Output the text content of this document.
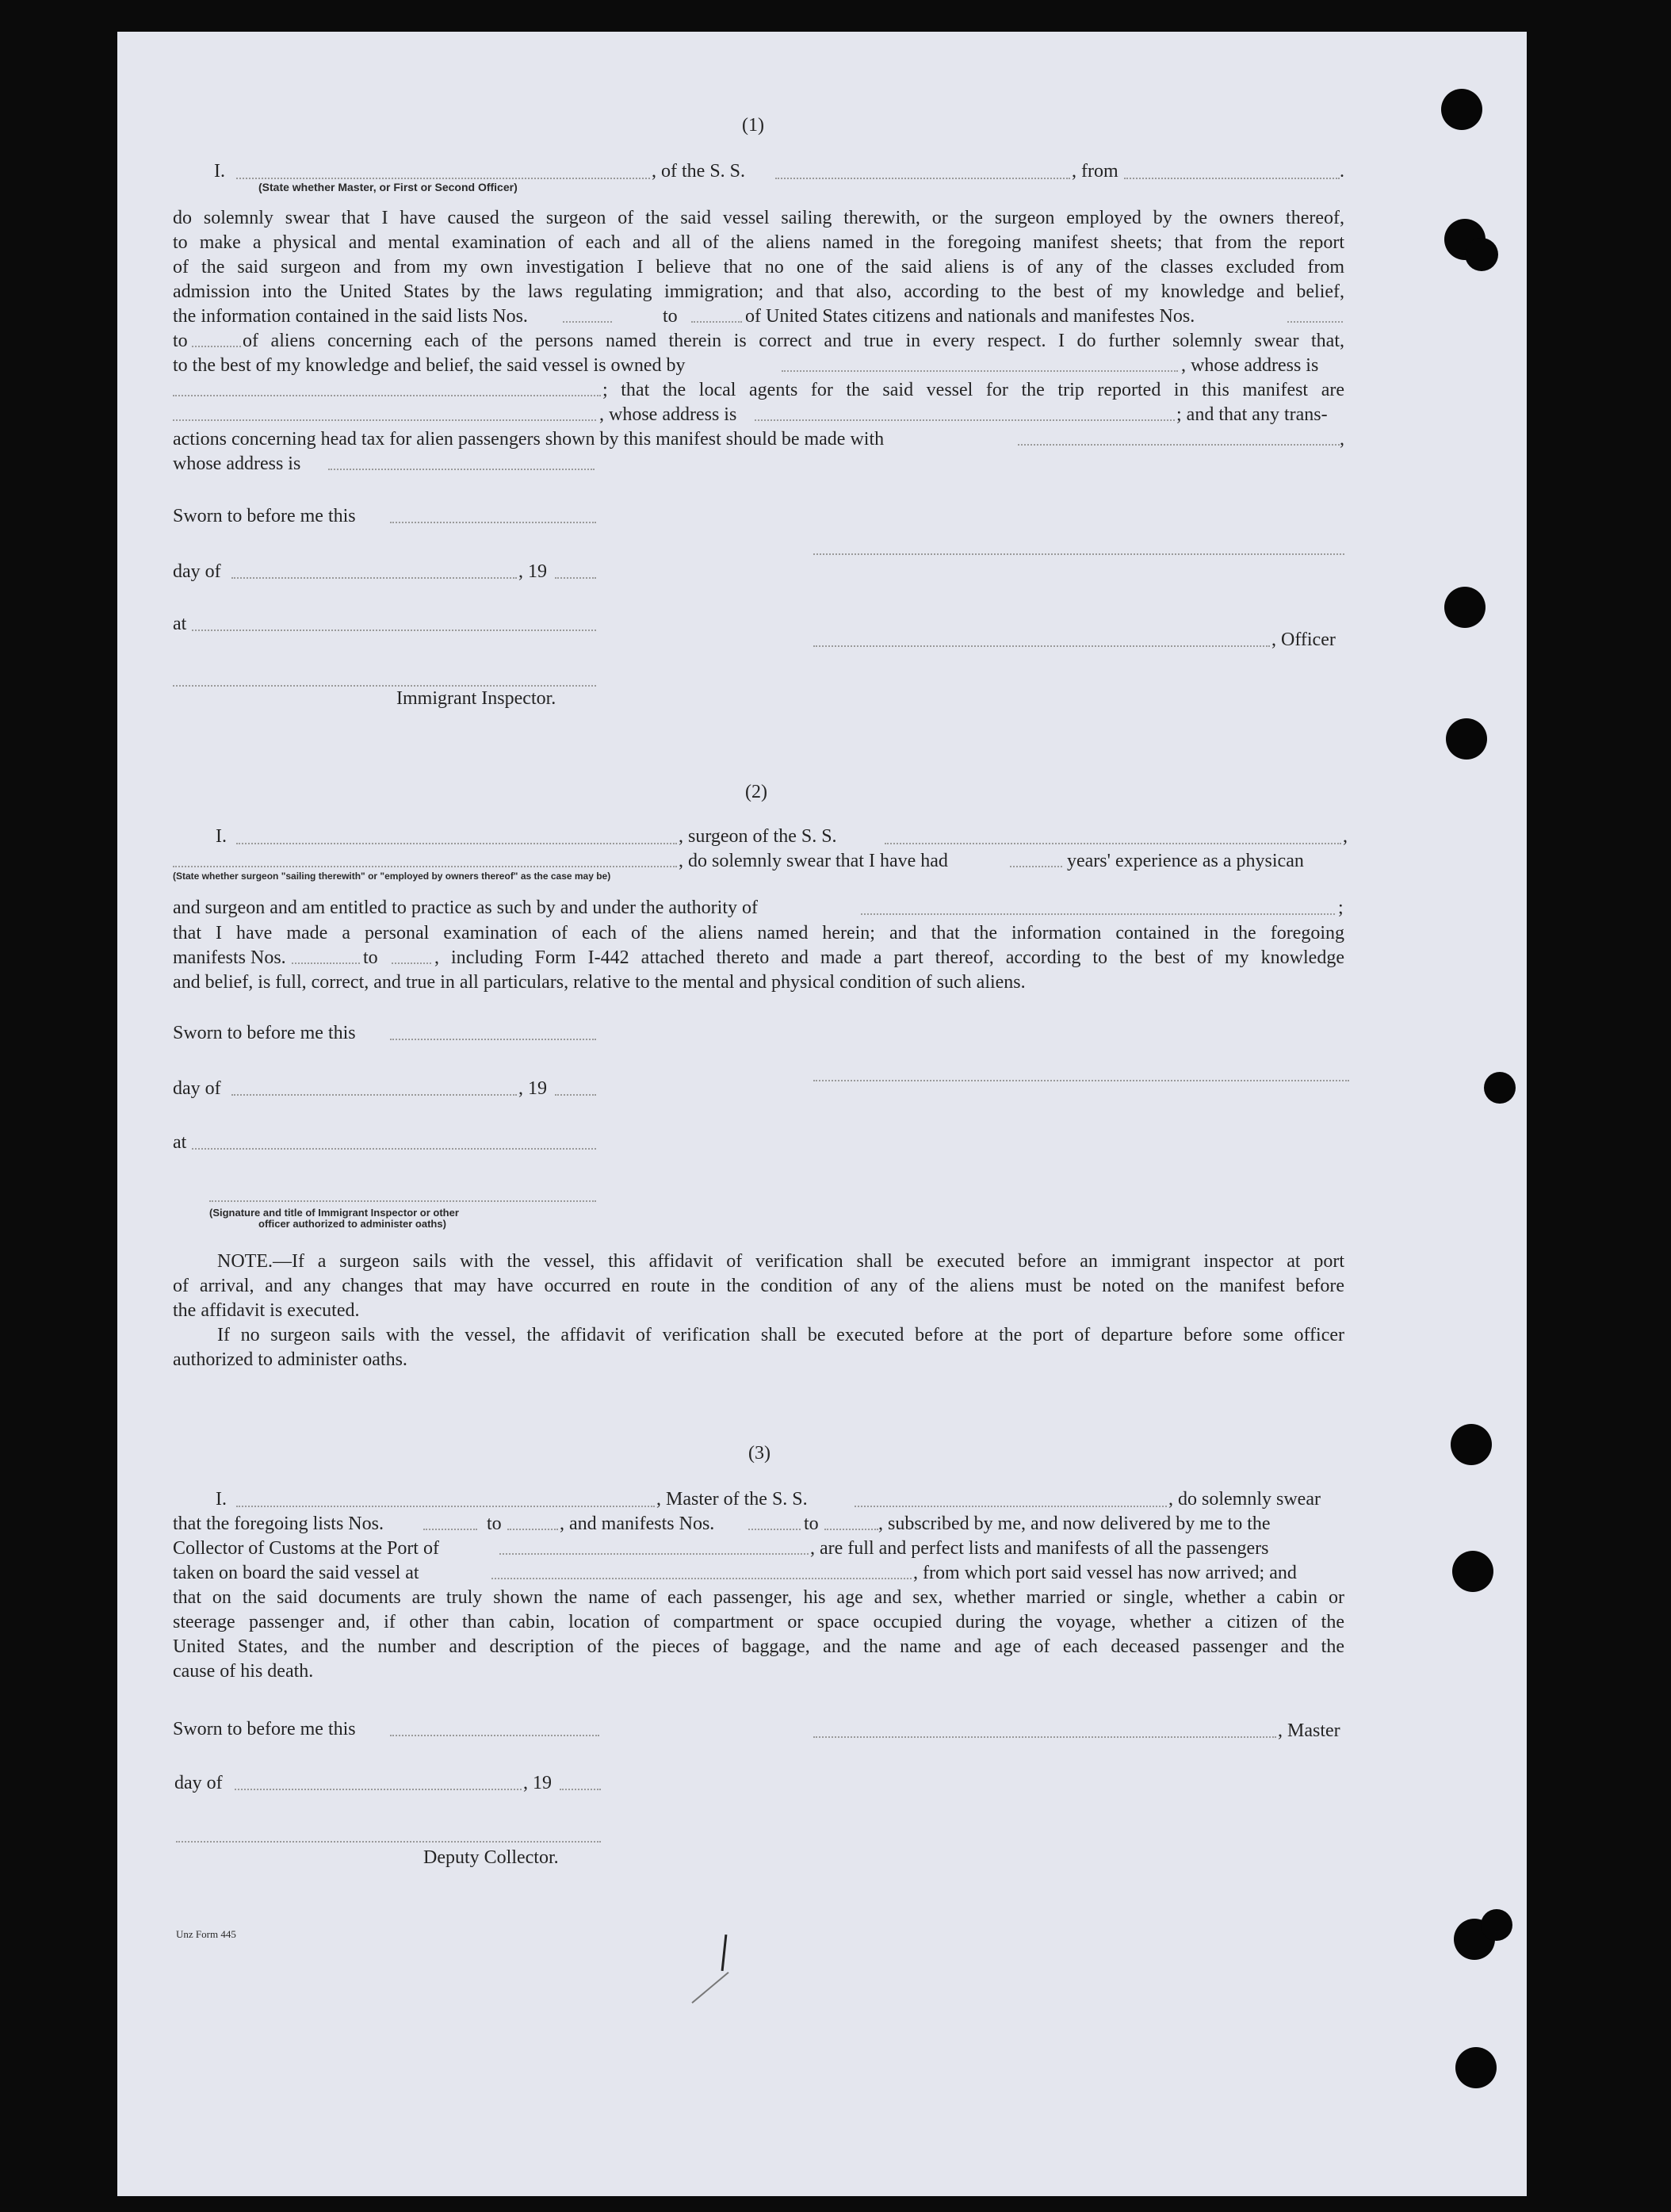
(1)
I.	, of the S. S.	, from	.
(State whether Master, or First or Second Officer)
do solemnly swear that I have caused the surgeon of the said vessel sailing therewith, or the surgeon employed by the owners thereof,
to make a physical and mental examination of each and all of the aliens named in the foregoing manifest sheets; that from the report
of the said surgeon and from my own investigation I believe that no one of the said aliens is of any of the classes excluded from
admission into the United States by the laws regulating immigration; and that also, according to the best of my knowledge and belief,
the information contained in the said lists Nos.	to	of United States citizens and nationals and manifestes Nos.
to	of aliens concerning each of the persons named therein is correct and true in every respect. I do further solemnly swear that,
to the best of my knowledge and belief, the said vessel is owned by	, whose address is
; that the local agents for the said vessel for the trip reported in this manifest are
, whose address is	; and that any trans-
actions concerning head tax for alien passengers shown by this manifest should be made with	,
whose address is
Sworn to before me this
day of	, 19
at
, Officer
Immigrant Inspector.
(2)
I.	, surgeon of the S. S.	,
, do solemnly swear that I have had	years' experience as a physican
(State whether surgeon "sailing therewith" or "employed by owners thereof" as the case may be)
and surgeon and am entitled to practice as such by and under the authority of	;
that I have made a personal examination of each of the aliens named herein; and that the information contained in the foregoing
manifests Nos.	to	, including Form I-442 attached thereto and made a part thereof, according to the best of my knowledge
and belief, is full, correct, and true in all particulars, relative to the mental and physical condition of such aliens.
Sworn to before me this
day of	, 19
at
(Signature and title of Immigrant Inspector or other
officer authorized to administer oaths)
NOTE.—If a surgeon sails with the vessel, this affidavit of verification shall be executed before an immigrant inspector at port
of arrival, and any changes that may have occurred en route in the condition of any of the aliens must be noted on the manifest before
the affidavit is executed.
If no surgeon sails with the vessel, the affidavit of verification shall be executed before at the port of departure before some officer
authorized to administer oaths.
(3)
I.	, Master of the S. S.	, do solemnly swear
that the foregoing lists Nos.	to	, and manifests Nos.	to	, subscribed by me, and now delivered by me to the
Collector of Customs at the Port of	, are full and perfect lists and manifests of all the passengers
taken on board the said vessel at	, from which port said vessel has now arrived; and
that on the said documents are truly shown the name of each passenger, his age and sex, whether married or single, whether a cabin or
steerage passenger and, if other than cabin, location of compartment or space occupied during the voyage, whether a citizen of the
United States, and the number and description of the pieces of baggage, and the name and age of each deceased passenger and the
cause of his death.
Sworn to before me this	, Master
day of	, 19
Deputy Collector.
Unz Form 445
